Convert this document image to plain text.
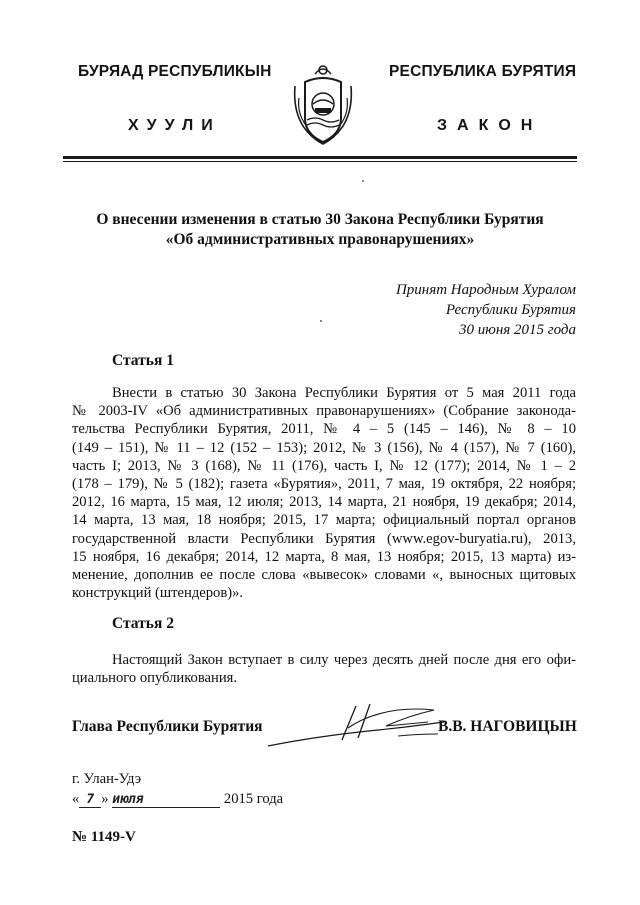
БУРЯАД РЕСПУБЛИКЫН
ХУУЛИ
РЕСПУБЛИКА БУРЯТИЯ
ЗАКОН
О внесении изменения в статью 30 Закона Республики Бурятия
«Об административных правонарушениях»
Принят Народным Хуралом
Республики Бурятия
30 июня 2015 года
Статья 1
Внести в статью 30 Закона Республики Бурятия от 5 мая 2011 года
№ 2003-IV «Об административных правонарушениях» (Собрание законода-
тельства Республики Бурятия, 2011, № 4 – 5 (145 – 146), № 8 – 10
(149 – 151), № 11 – 12 (152 – 153); 2012, № 3 (156), № 4 (157), № 7 (160),
часть I; 2013, № 3 (168), № 11 (176), часть I, № 12 (177); 2014, № 1 – 2
(178 – 179), № 5 (182); газета «Бурятия», 2011, 7 мая, 19 октября, 22 ноября;
2012, 16 марта, 15 мая, 12 июля; 2013, 14 марта, 21 ноября, 19 декабря; 2014,
14 марта, 13 мая, 18 ноября; 2015, 17 марта; официальный портал органов
государственной власти Республики Бурятия (www.egov-buryatia.ru), 2013,
15 ноября, 16 декабря; 2014, 12 марта, 8 мая, 13 ноября; 2015, 13 марта) из-
менение, дополнив ее после слова «вывесок» словами «, выносных щитовых
конструкций (штендеров)».
Статья 2
Настоящий Закон вступает в силу через десять дней после дня его офи-
циального опубликования.
Глава Республики Бурятия	В.В. НАГОВИЦЫН
г. Улан-Удэ
« 7 » июля	2015 года
№ 1149-V
